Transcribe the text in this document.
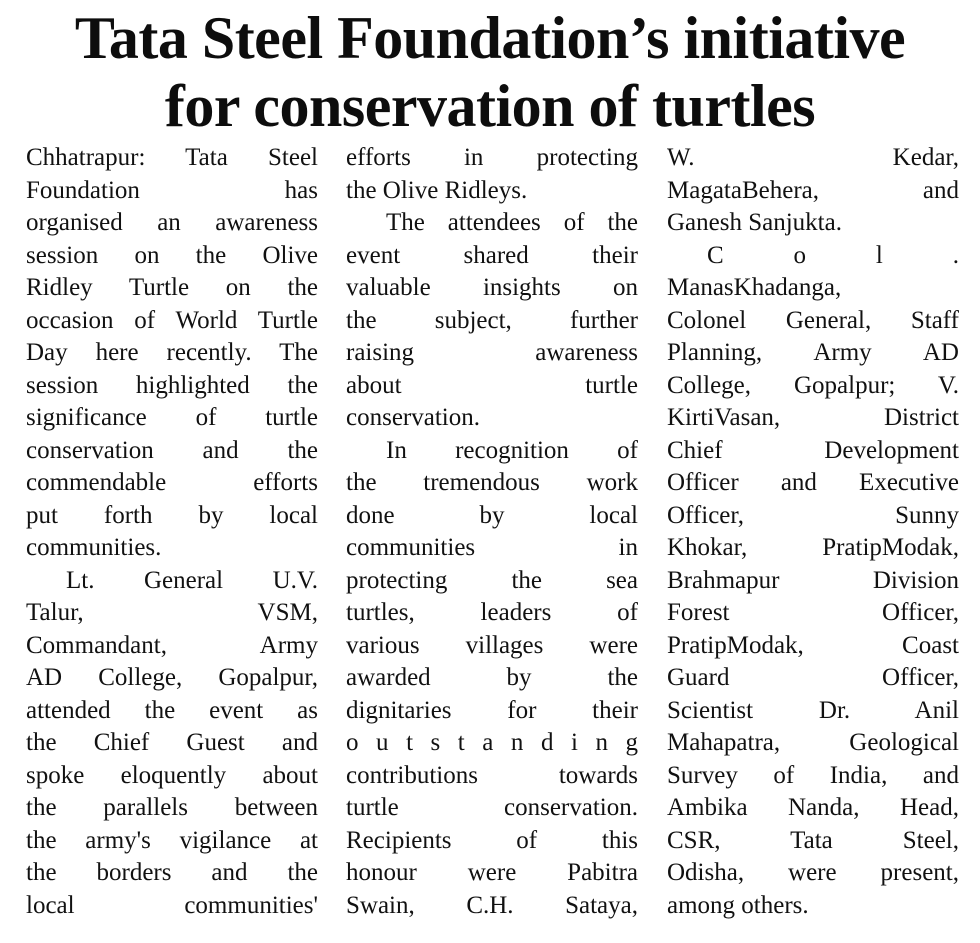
Tata Steel Foundation’s initiative
for conservation of turtles
Chhatrapur: Tata Steel
Foundation has
organised an awareness
session on the Olive
Ridley Turtle on the
occasion of World Turtle
Day here recently. The
session highlighted the
significance of turtle
conservation and the
commendable efforts
put forth by local
communities.
Lt. General U.V.
Talur, VSM,
Commandant, Army
AD College, Gopalpur,
attended the event as
the Chief Guest and
spoke eloquently about
the parallels between
the army's vigilance at
the borders and the
local communities'
efforts in protecting
the Olive Ridleys.
The attendees of the
event shared their
valuable insights on
the subject, further
raising awareness
about turtle
conservation.
In recognition of
the tremendous work
done by local
communities in
protecting the sea
turtles, leaders of
various villages were
awarded by the
dignitaries for their
o u t s t a n d i n g
contributions towards
turtle conservation.
Recipients of this
honour were Pabitra
Swain, C.H. Sataya,
W. Kedar,
MagataBehera, and
Ganesh Sanjukta.
C o l .
ManasKhadanga,
Colonel General, Staff
Planning, Army AD
College, Gopalpur; V.
KirtiVasan, District
Chief Development
Officer and Executive
Officer, Sunny
Khokar, PratipModak,
Brahmapur Division
Forest Officer,
PratipModak, Coast
Guard Officer,
Scientist Dr. Anil
Mahapatra, Geological
Survey of India, and
Ambika Nanda, Head,
CSR, Tata Steel,
Odisha, were present,
among others.
